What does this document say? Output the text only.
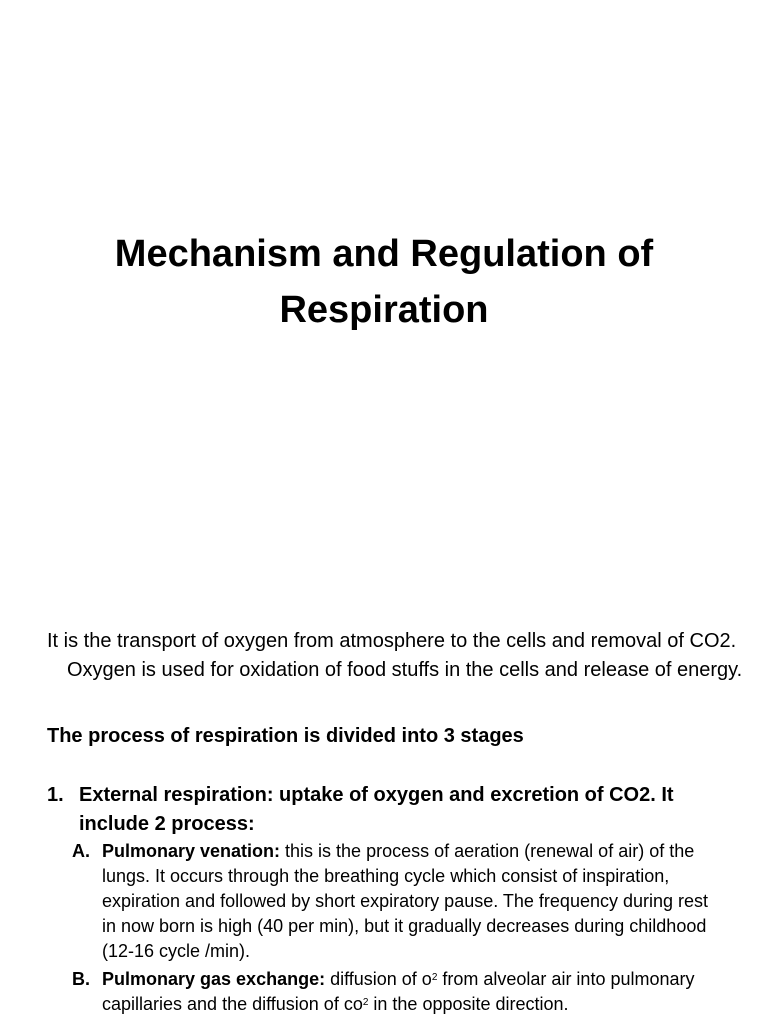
Mechanism and Regulation of Respiration

It is the transport of oxygen from atmosphere to the cells and removal of CO2. Oxygen is used for oxidation of food stuffs in the cells and release of energy.

The process of respiration is divided into 3 stages

1. External respiration: uptake of oxygen and excretion of CO2. It include 2 process:
A. Pulmonary venation: this is the process of aeration (renewal of air) of the lungs. It occurs through the breathing cycle which consist of inspiration, expiration and followed by short expiratory pause. The frequency during rest in now born is high (40 per min), but it gradually decreases during childhood (12-16 cycle /min).
B. Pulmonary gas exchange: diffusion of $o^2$ from alveolar air into pulmonary capillaries and the diffusion of $co^2$ in the opposite direction.
